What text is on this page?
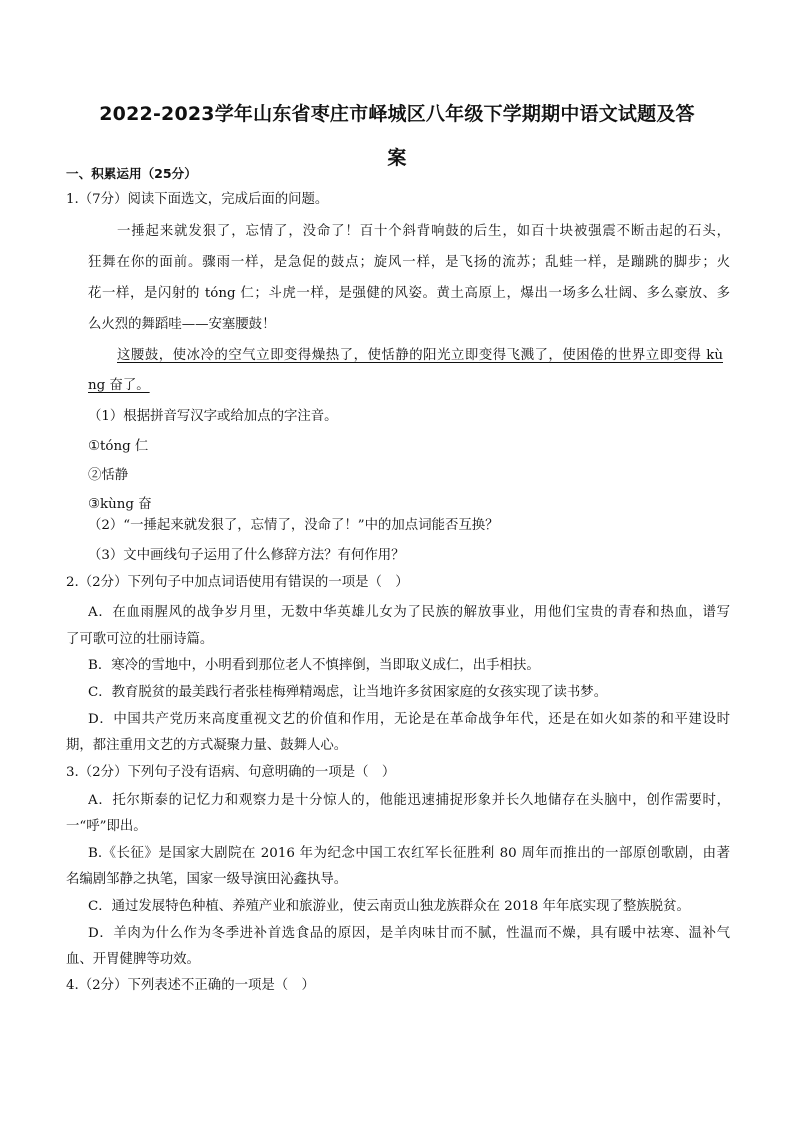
2022-2023学年山东省枣庄市峄城区八年级下学期期中语文试题及答
案
一、积累运用（25分）
1.（7分）阅读下面选文，完成后面的问题。
一捶起来就发狠了，忘情了，没命了！百十个斜背响鼓的后生，如百十块被强震不断击起的石头，
狂舞在你的面前。骤雨一样，是急促的鼓点；旋风一样，是飞扬的流苏；乱蛙一样，是蹦跳的脚步；火
花一样，是闪射的 tóng 仁；斗虎一样，是强健的风姿。黄土高原上，爆出一场多么壮阔、多么豪放、多
么火烈的舞蹈哇——安塞腰鼓！
这腰鼓，使冰冷的空气立即变得燥热了，使恬静的阳光立即变得飞溅了，使困倦的世界立即变得 kù
ng 奋了。
（1）根据拼音写汉字或给加点的字注音。
①tóng 仁
②恬静
③kùng 奋
（2）“一捶起来就发狠了，忘情了，没命了！”中的加点词能否互换？
（3）文中画线句子运用了什么修辞方法？有何作用？
2.（2分）下列句子中加点词语使用有错误的一项是（　）
A．在血雨腥风的战争岁月里，无数中华英雄儿女为了民族的解放事业，用他们宝贵的青春和热血，谱写
了可歌可泣的壮丽诗篇。
B．寒冷的雪地中，小明看到那位老人不慎摔倒，当即取义成仁，出手相扶。
C．教育脱贫的最美践行者张桂梅殚精竭虑，让当地许多贫困家庭的女孩实现了读书梦。
D．中国共产党历来高度重视文艺的价值和作用，无论是在革命战争年代，还是在如火如荼的和平建设时
期，都注重用文艺的方式凝聚力量、鼓舞人心。
3.（2分）下列句子没有语病、句意明确的一项是（　）
A．托尔斯泰的记忆力和观察力是十分惊人的，他能迅速捕捉形象并长久地储存在头脑中，创作需要时，
一“呼”即出。
B.《长征》是国家大剧院在 2016 年为纪念中国工农红军长征胜利 80 周年而推出的一部原创歌剧，由著
名编剧邹静之执笔，国家一级导演田沁鑫执导。
C．通过发展特色种植、养殖产业和旅游业，使云南贡山独龙族群众在 2018 年年底实现了整族脱贫。
D．羊肉为什么作为冬季进补首选食品的原因，是羊肉味甘而不腻，性温而不燥，具有暖中祛寒、温补气
血、开胃健脾等功效。
4.（2分）下列表述不正确的一项是（　）
